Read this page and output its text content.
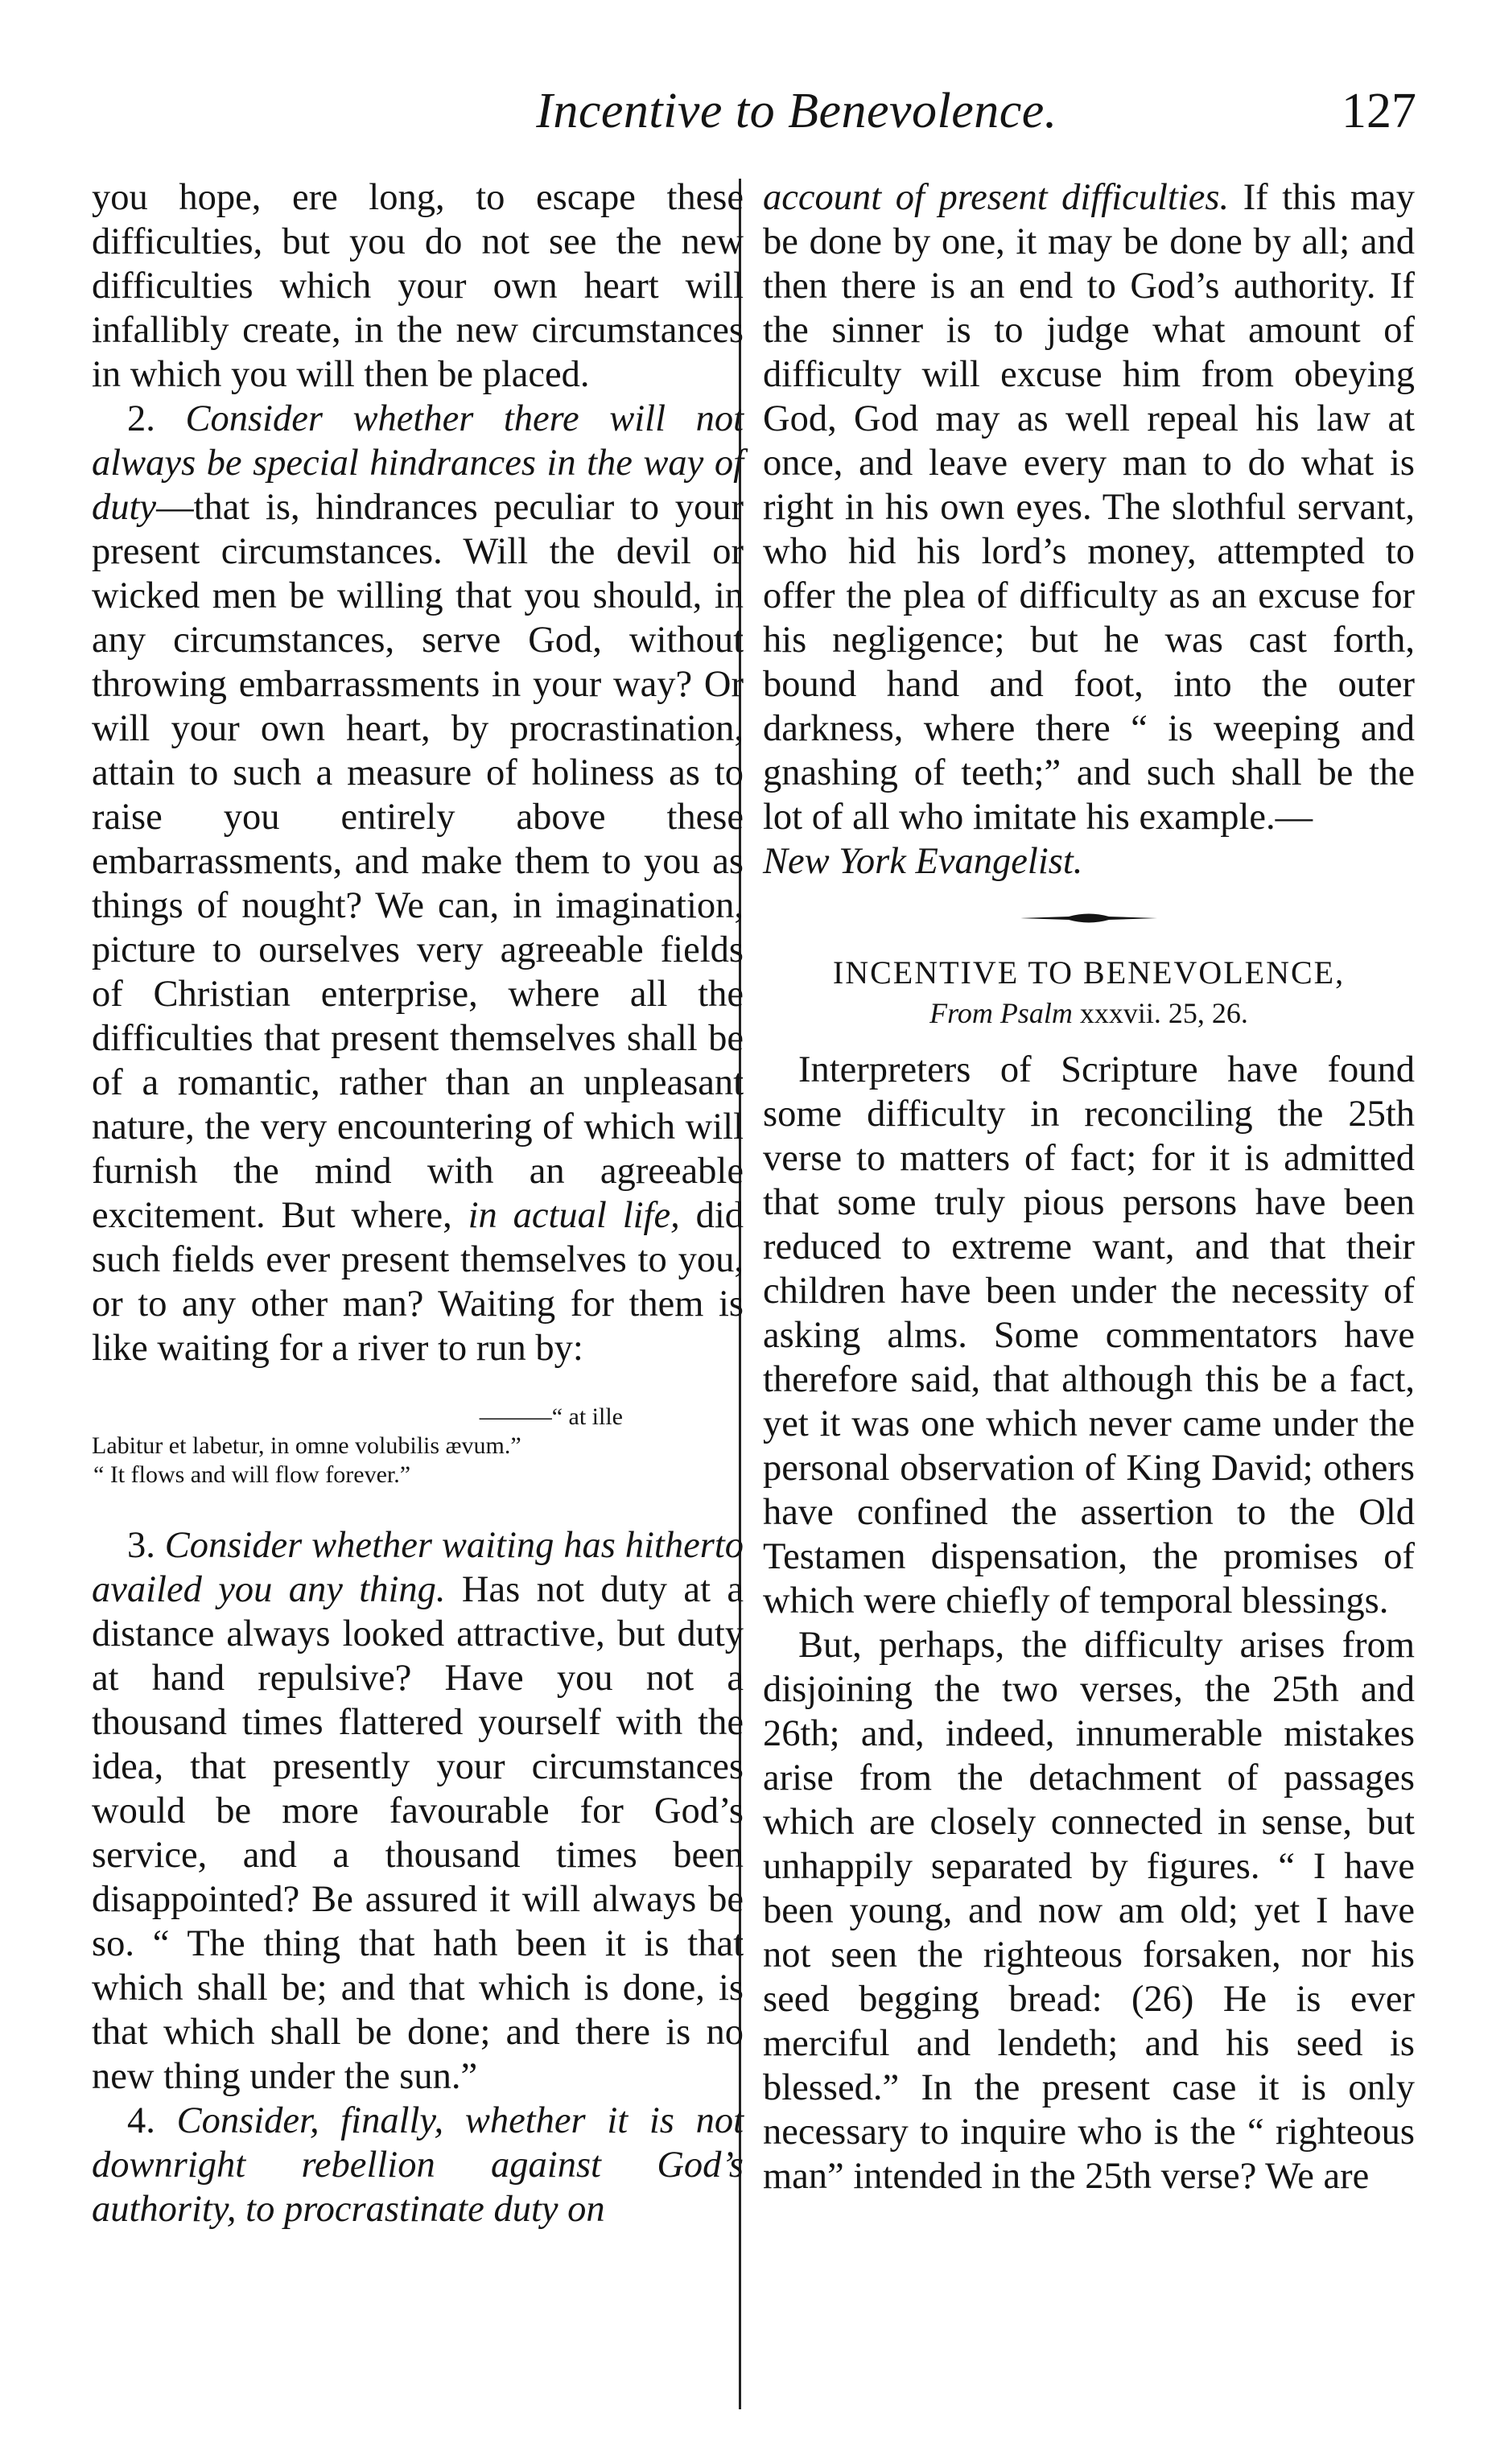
Incentive to Benevolence.	127

you hope, ere long, to escape these difficulties, but you do not see the new difficulties which your own heart will infallibly create, in the new circumstances in which you will then be placed.

2. Consider whether there will not always be special hindrances in the way of duty—that is, hindrances peculiar to your present circumstances. Will the devil or wicked men be willing that you should, in any circumstances, serve God, without throwing embarrassments in your way? Or will your own heart, by procrastination, attain to such a measure of holiness as to raise you entirely above these embarrassments, and make them to you as things of nought? We can, in imagination, picture to ourselves very agreeable fields of Christian enterprise, where all the difficulties that present themselves shall be of a romantic, rather than an unpleasant nature, the very encountering of which will furnish the mind with an agreeable excitement. But where, in actual life, did such fields ever present themselves to you, or to any other man? Waiting for them is like waiting for a river to run by:

———“ at ille
Labitur et labetur, in omne volubilis ævum.”
“ It flows and will flow forever.”

3. Consider whether waiting has hitherto availed you any thing. Has not duty at a distance always looked attractive, but duty at hand repulsive? Have you not a thousand times flattered yourself with the idea, that presently your circumstances would be more favourable for God’s service, and a thousand times been disappointed? Be assured it will always be so. “ The thing that hath been it is that which shall be; and that which is done, is that which shall be done; and there is no new thing under the sun.”

4. Consider, finally, whether it is not downright rebellion against God’s authority, to procrastinate duty on

account of present difficulties. If this may be done by one, it may be done by all; and then there is an end to God’s authority. If the sinner is to judge what amount of difficulty will excuse him from obeying God, God may as well repeal his law at once, and leave every man to do what is right in his own eyes. The slothful servant, who hid his lord’s money, attempted to offer the plea of difficulty as an excuse for his negligence; but he was cast forth, bound hand and foot, into the outer darkness, where there “ is weeping and gnashing of teeth;” and such shall be the lot of all who imitate his example.—
New York Evangelist.

INCENTIVE TO BENEVOLENCE,
From Psalm xxxvii. 25, 26.

Interpreters of Scripture have found some difficulty in reconciling the 25th verse to matters of fact; for it is admitted that some truly pious persons have been reduced to extreme want, and that their children have been under the necessity of asking alms. Some commentators have therefore said, that although this be a fact, yet it was one which never came under the personal observation of King David; others have confined the assertion to the Old Testamen dispensation, the promises of which were chiefly of temporal blessings.

But, perhaps, the difficulty arises from disjoining the two verses, the 25th and 26th; and, indeed, innumerable mistakes arise from the detachment of passages which are closely connected in sense, but unhappily separated by figures. “ I have been young, and now am old; yet I have not seen the righteous forsaken, nor his seed begging bread: (26) He is ever merciful and lendeth; and his seed is blessed.” In the present case it is only necessary to inquire who is the “ righteous man” intended in the 25th verse? We are
